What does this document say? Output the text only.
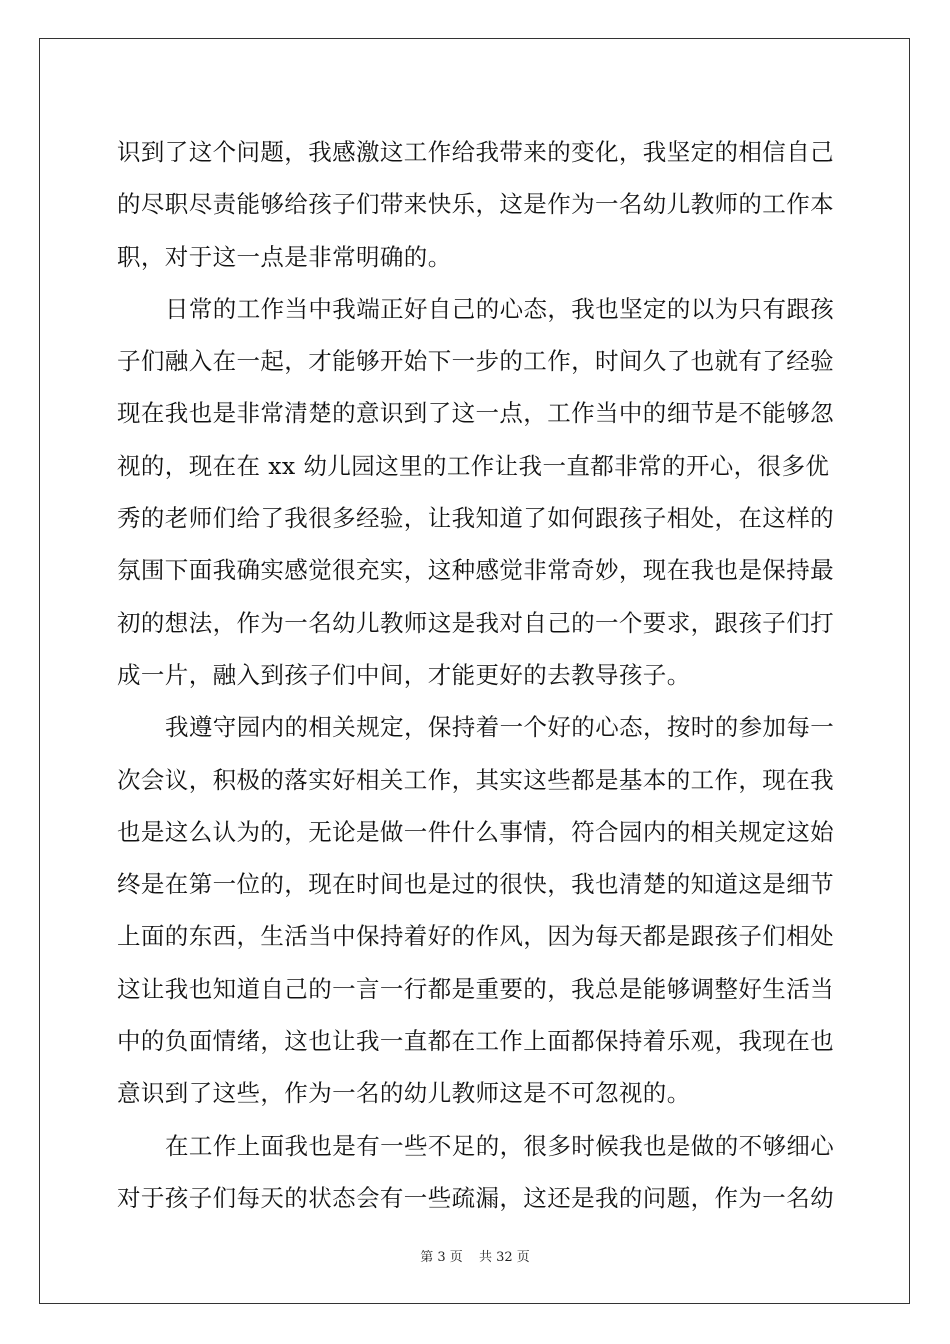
识到了这个问题，我感激这工作给我带来的变化，我坚定的相信自己
的尽职尽责能够给孩子们带来快乐，这是作为一名幼儿教师的工作本
职，对于这一点是非常明确的。
日常的工作当中我端正好自己的心态，我也坚定的以为只有跟孩
子们融入在一起，才能够开始下一步的工作，时间久了也就有了经验
现在我也是非常清楚的意识到了这一点，工作当中的细节是不能够忽
视的，现在在 xx 幼儿园这里的工作让我一直都非常的开心，很多优
秀的老师们给了我很多经验，让我知道了如何跟孩子相处，在这样的
氛围下面我确实感觉很充实，这种感觉非常奇妙，现在我也是保持最
初的想法，作为一名幼儿教师这是我对自己的一个要求，跟孩子们打
成一片，融入到孩子们中间，才能更好的去教导孩子。
我遵守园内的相关规定，保持着一个好的心态，按时的参加每一
次会议，积极的落实好相关工作，其实这些都是基本的工作，现在我
也是这么认为的，无论是做一件什么事情，符合园内的相关规定这始
终是在第一位的，现在时间也是过的很快，我也清楚的知道这是细节
上面的东西，生活当中保持着好的作风，因为每天都是跟孩子们相处
这让我也知道自己的一言一行都是重要的，我总是能够调整好生活当
中的负面情绪，这也让我一直都在工作上面都保持着乐观，我现在也
意识到了这些，作为一名的幼儿教师这是不可忽视的。
在工作上面我也是有一些不足的，很多时候我也是做的不够细心
对于孩子们每天的状态会有一些疏漏，这还是我的问题，作为一名幼
第 3 页 共 32 页
